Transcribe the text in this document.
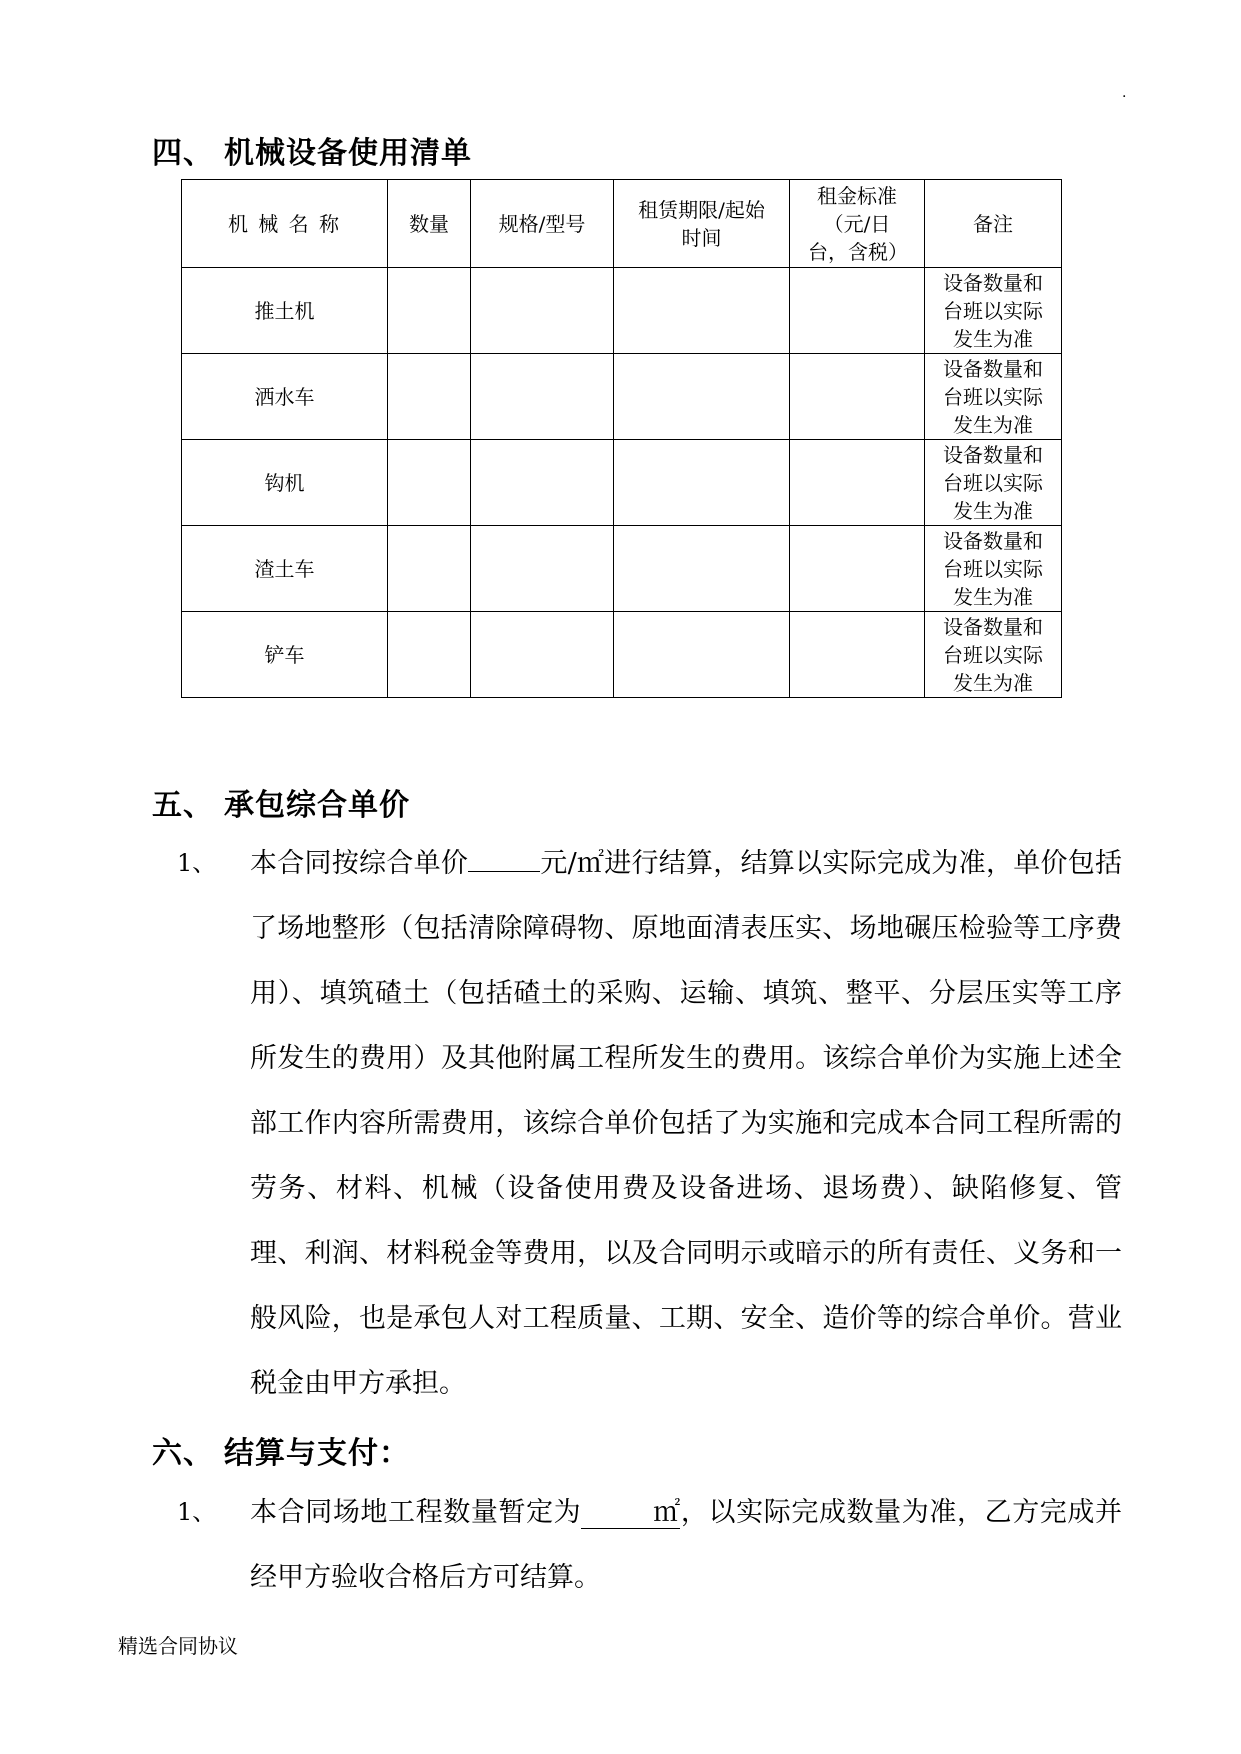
·
四、 机械设备使用清单
机 械 名 称	数量	规格/型号	租赁期限/起始时间	租金标准（元/日台，含税）	备注
推土机					设备数量和台班以实际发生为准
洒水车					设备数量和台班以实际发生为准
钩机					设备数量和台班以实际发生为准
渣土车					设备数量和台班以实际发生为准
铲车					设备数量和台班以实际发生为准
五、 承包综合单价
1、 本合同按综合单价	元/㎡进行结算，结算以实际完成为准，单价包括了场地整形（包括清除障碍物、原地面清表压实、场地碾压检验等工序费用）、填筑碴土（包括碴土的采购、运输、填筑、整平、分层压实等工序所发生的费用）及其他附属工程所发生的费用。该综合单价为实施上述全部工作内容所需费用，该综合单价包括了为实施和完成本合同工程所需的劳务、材料、机械（设备使用费及设备进场、退场费）、缺陷修复、管理、利润、材料税金等费用，以及合同明示或暗示的所有责任、义务和一般风险，也是承包人对工程质量、工期、安全、造价等的综合单价。营业税金由甲方承担。
六、 结算与支付：
1、 本合同场地工程数量暂定为	㎡，以实际完成数量为准，乙方完成并经甲方验收合格后方可结算。
精选合同协议
